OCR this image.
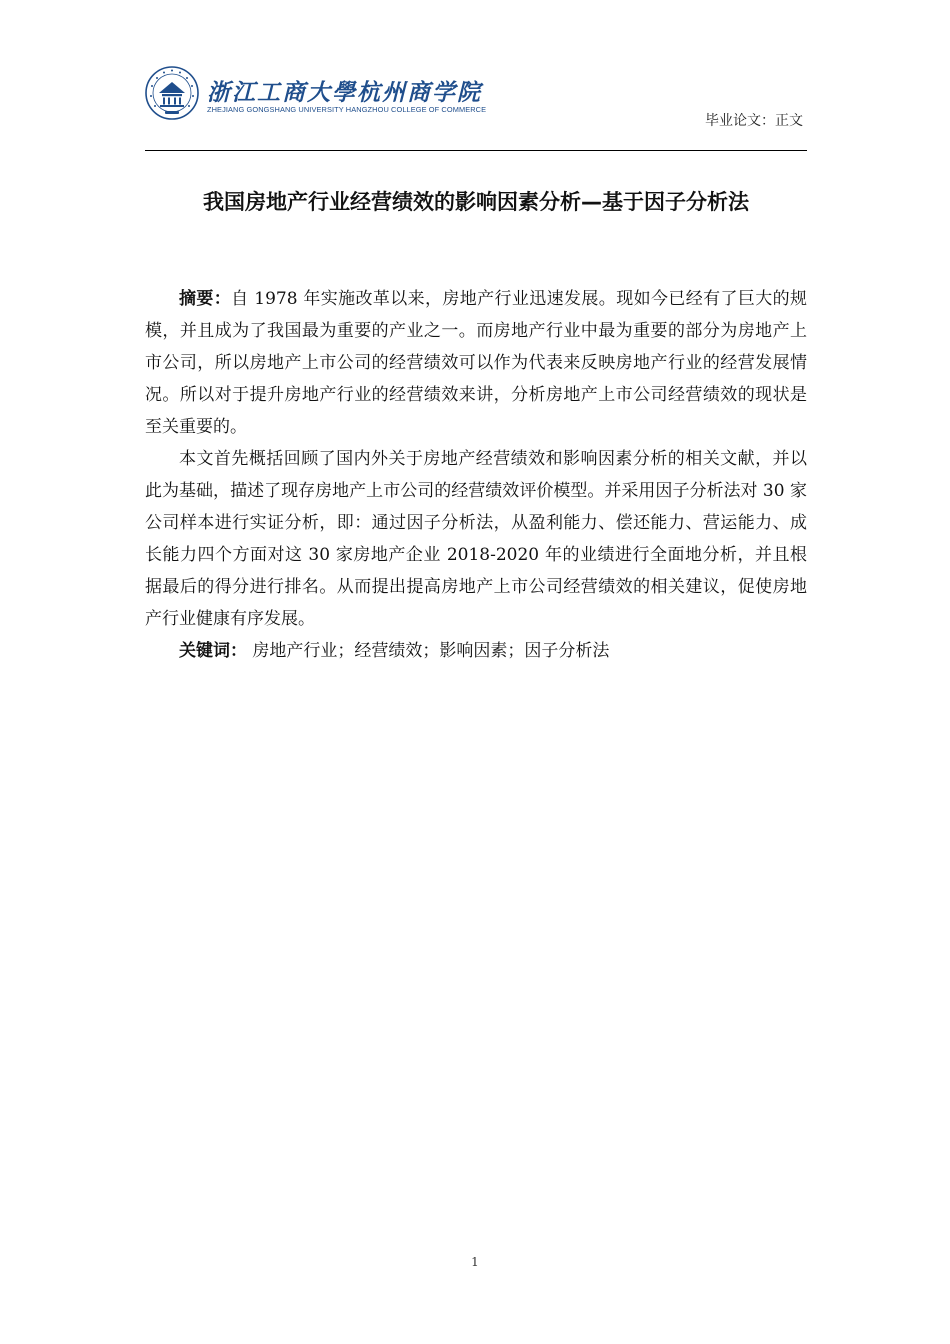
浙江工商大學杭州商学院
ZHEJIANG GONGSHANG UNIVERSITY HANGZHOU COLLEGE OF COMMERCE
毕业论文：正文
我国房地产行业经营绩效的影响因素分析—基于因子分析法

摘要：自 1978 年实施改革以来，房地产行业迅速发展。现如今已经有了巨大的规模，并且成为了我国最为重要的产业之一。而房地产行业中最为重要的部分为房地产上市公司，所以房地产上市公司的经营绩效可以作为代表来反映房地产行业的经营发展情况。所以对于提升房地产行业的经营绩效来讲，分析房地产上市公司经营绩效的现状是至关重要的。

本文首先概括回顾了国内外关于房地产经营绩效和影响因素分析的相关文献，并以此为基础，描述了现存房地产上市公司的经营绩效评价模型。并采用因子分析法对 30 家公司样本进行实证分析，即：通过因子分析法，从盈利能力、偿还能力、营运能力、成长能力四个方面对这 30 家房地产企业 2018-2020 年的业绩进行全面地分析，并且根据最后的得分进行排名。从而提出提高房地产上市公司经营绩效的相关建议，促使房地产行业健康有序发展。

关键词： 房地产行业；经营绩效；影响因素；因子分析法

1
